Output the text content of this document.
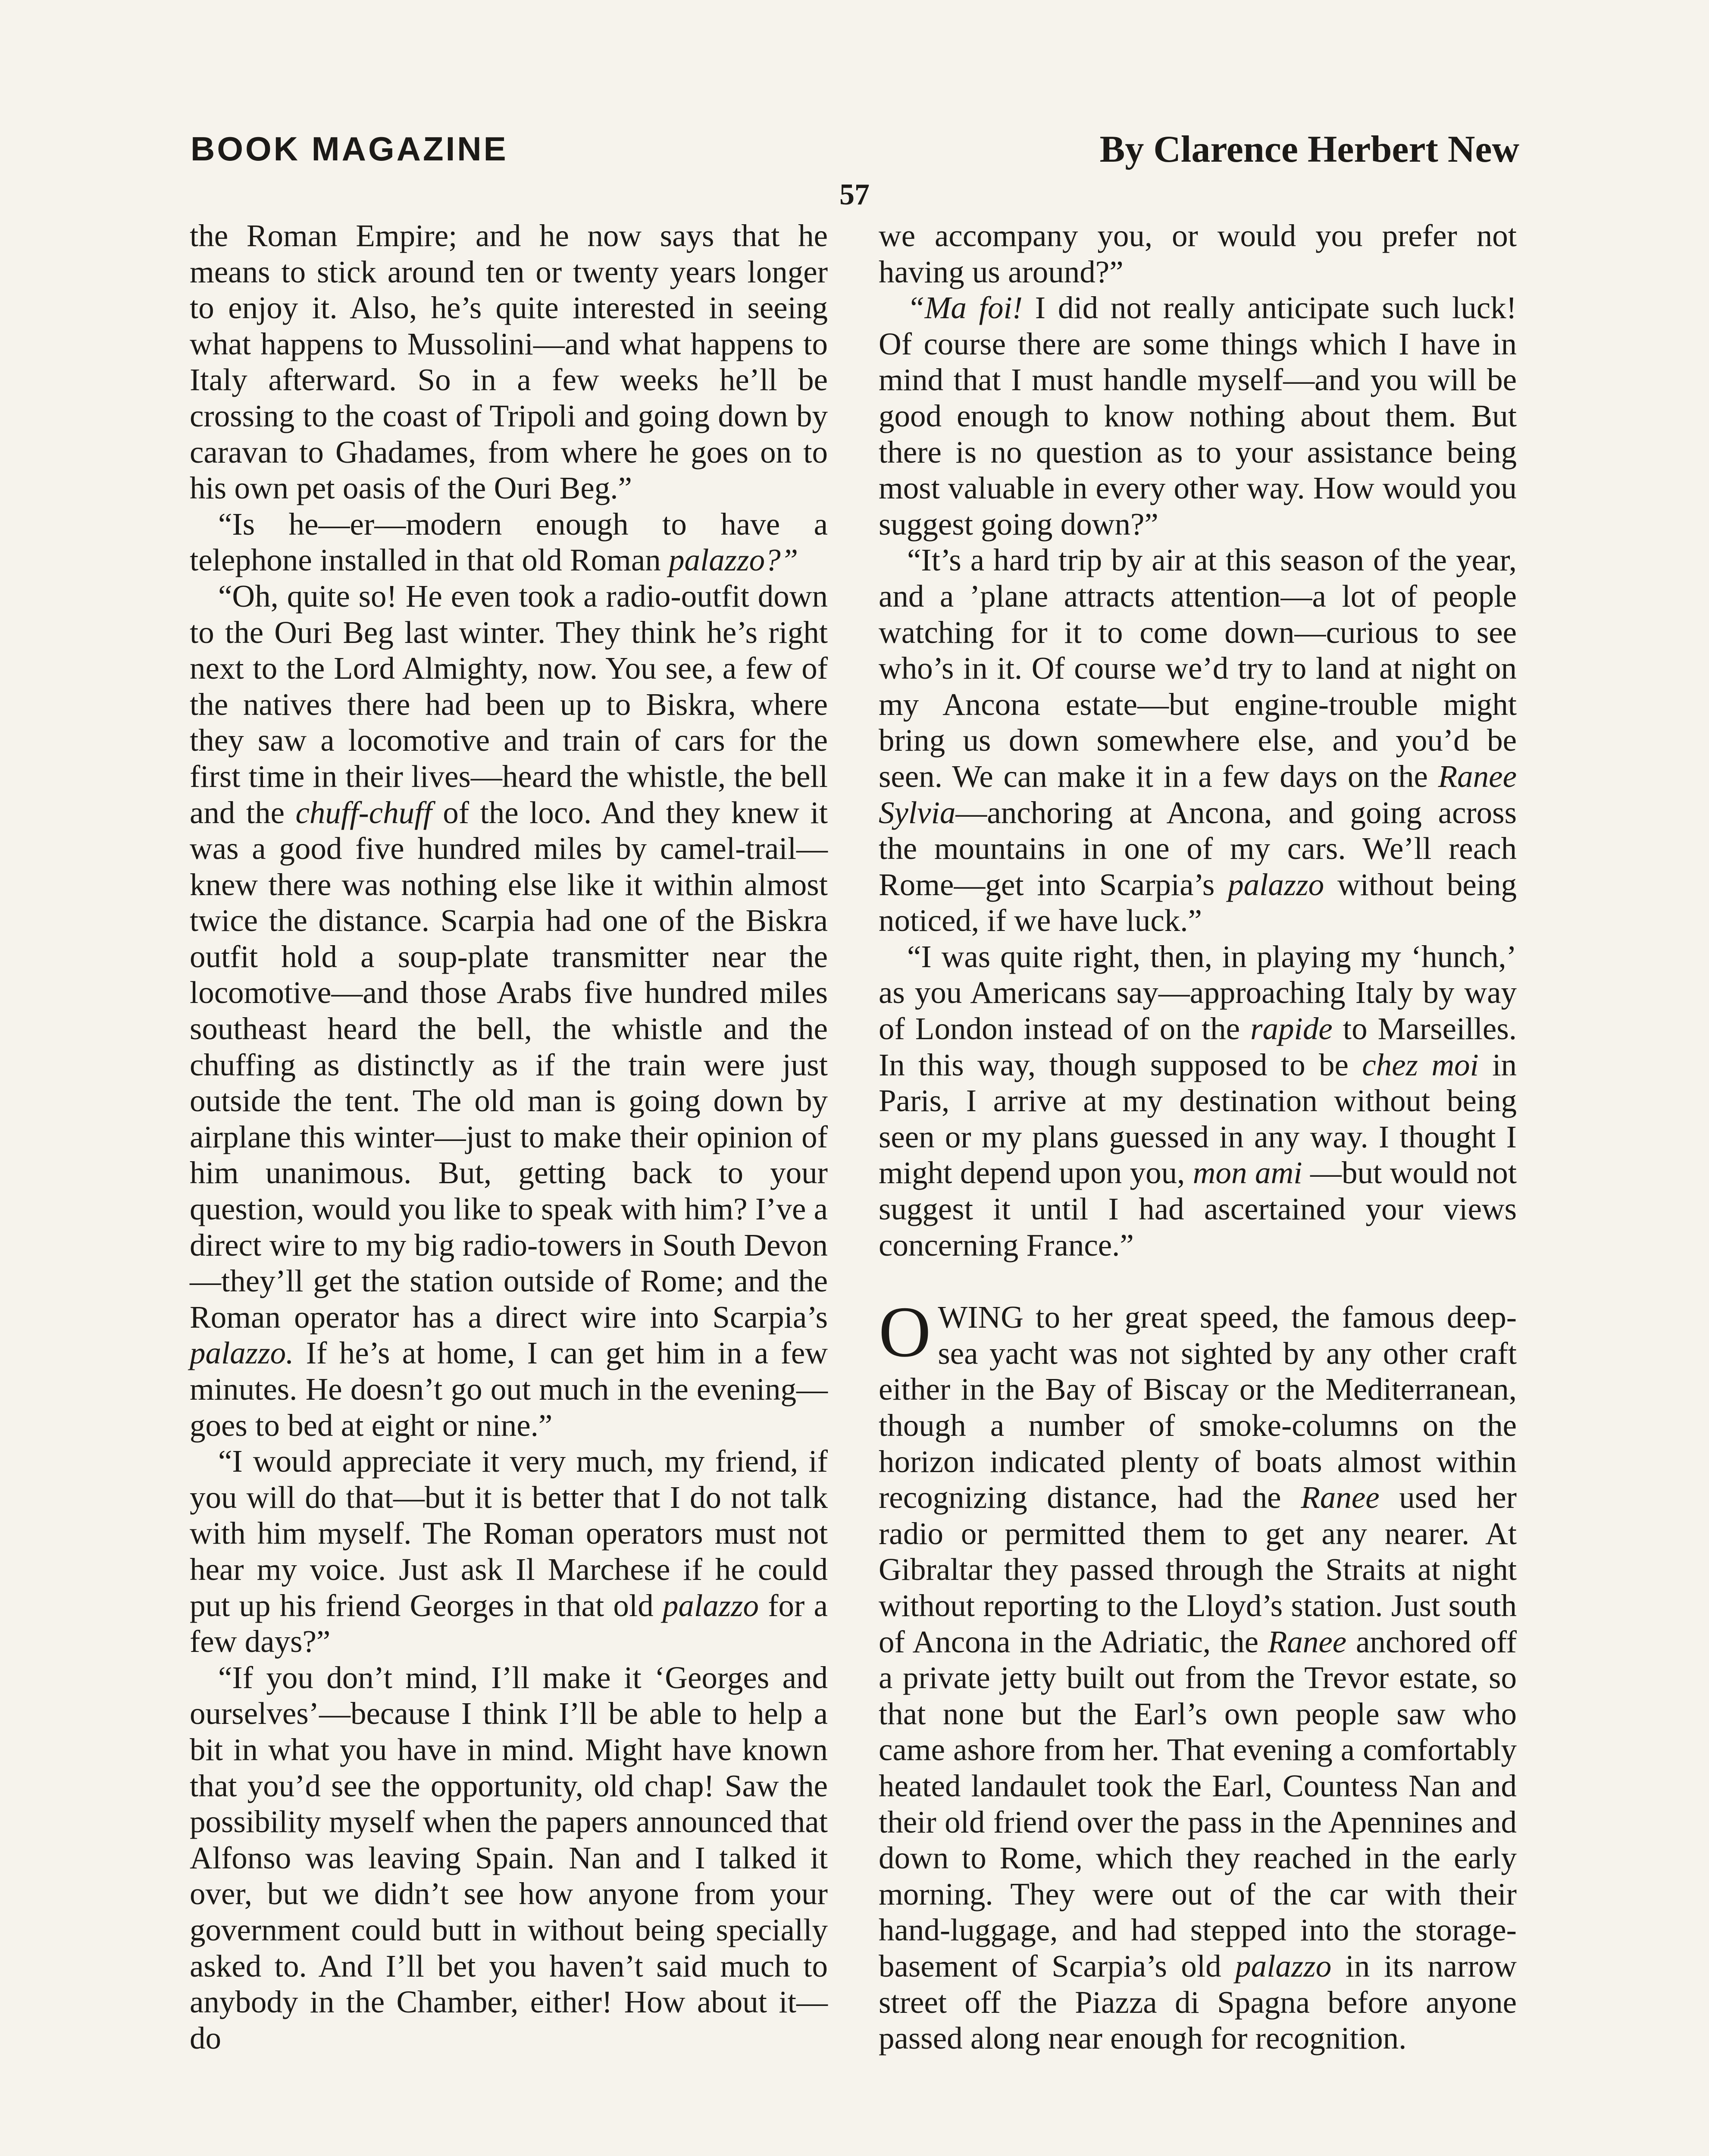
BOOK MAGAZINE	By Clarence Herbert New
57

the Roman Empire; and he now says that he means to stick around ten or twenty years longer to enjoy it. Also, he’s quite interested in seeing what happens to Mussolini—and what happens to Italy afterward. So in a few weeks he’ll be crossing to the coast of Tripoli and going down by caravan to Ghadames, from where he goes on to his own pet oasis of the Ouri Beg.”

“Is he—er—modern enough to have a telephone installed in that old Roman palazzo?”

“Oh, quite so! He even took a radio-outfit down to the Ouri Beg last winter. They think he’s right next to the Lord Almighty, now. You see, a few of the natives there had been up to Biskra, where they saw a locomotive and train of cars for the first time in their lives—heard the whistle, the bell and the chuff-chuff of the loco. And they knew it was a good five hundred miles by camel-trail—knew there was nothing else like it within almost twice the distance. Scarpia had one of the Biskra outfit hold a soup-plate transmitter near the locomotive—and those Arabs five hundred miles southeast heard the bell, the whistle and the chuffing as distinctly as if the train were just outside the tent. The old man is going down by airplane this winter—just to make their opinion of him unanimous. But, getting back to your question, would you like to speak with him? I’ve a direct wire to my big radio-towers in South Devon—they’ll get the station outside of Rome; and the Roman operator has a direct wire into Scarpia’s palazzo. If he’s at home, I can get him in a few minutes. He doesn’t go out much in the evening—goes to bed at eight or nine.”

“I would appreciate it very much, my friend, if you will do that—but it is better that I do not talk with him myself. The Roman operators must not hear my voice. Just ask Il Marchese if he could put up his friend Georges in that old palazzo for a few days?”

“If you don’t mind, I’ll make it ‘Georges and ourselves’—because I think I’ll be able to help a bit in what you have in mind. Might have known that you’d see the opportunity, old chap! Saw the possibility myself when the papers announced that Alfonso was leaving Spain. Nan and I talked it over, but we didn’t see how anyone from your government could butt in without being specially asked to. And I’ll bet you haven’t said much to anybody in the Chamber, either! How about it—do

we accompany you, or would you prefer not having us around?”

“Ma foi! I did not really anticipate such luck! Of course there are some things which I have in mind that I must handle myself—and you will be good enough to know nothing about them. But there is no question as to your assistance being most valuable in every other way. How would you suggest going down?”

“It’s a hard trip by air at this season of the year, and a ’plane attracts attention—a lot of people watching for it to come down—curious to see who’s in it. Of course we’d try to land at night on my Ancona estate—but engine-trouble might bring us down somewhere else, and you’d be seen. We can make it in a few days on the Ranee Sylvia—anchoring at Ancona, and going across the mountains in one of my cars. We’ll reach Rome—get into Scarpia’s palazzo without being noticed, if we have luck.”

“I was quite right, then, in playing my ‘hunch,’ as you Americans say—approaching Italy by way of London instead of on the rapide to Marseilles. In this way, though supposed to be chez moi in Paris, I arrive at my destination without being seen or my plans guessed in any way. I thought I might depend upon you, mon ami —but would not suggest it until I had ascertained your views concerning France.”

OWING to her great speed, the famous deep-sea yacht was not sighted by any other craft either in the Bay of Biscay or the Mediterranean, though a number of smoke-columns on the horizon indicated plenty of boats almost within recognizing distance, had the Ranee used her radio or permitted them to get any nearer. At Gibraltar they passed through the Straits at night without reporting to the Lloyd’s station. Just south of Ancona in the Adriatic, the Ranee anchored off a private jetty built out from the Trevor estate, so that none but the Earl’s own people saw who came ashore from her. That evening a comfortably heated landaulet took the Earl, Countess Nan and their old friend over the pass in the Apennines and down to Rome, which they reached in the early morning. They were out of the car with their hand-luggage, and had stepped into the storage-basement of Scarpia’s old palazzo in its narrow street off the Piazza di Spagna before anyone passed along near enough for recognition.
